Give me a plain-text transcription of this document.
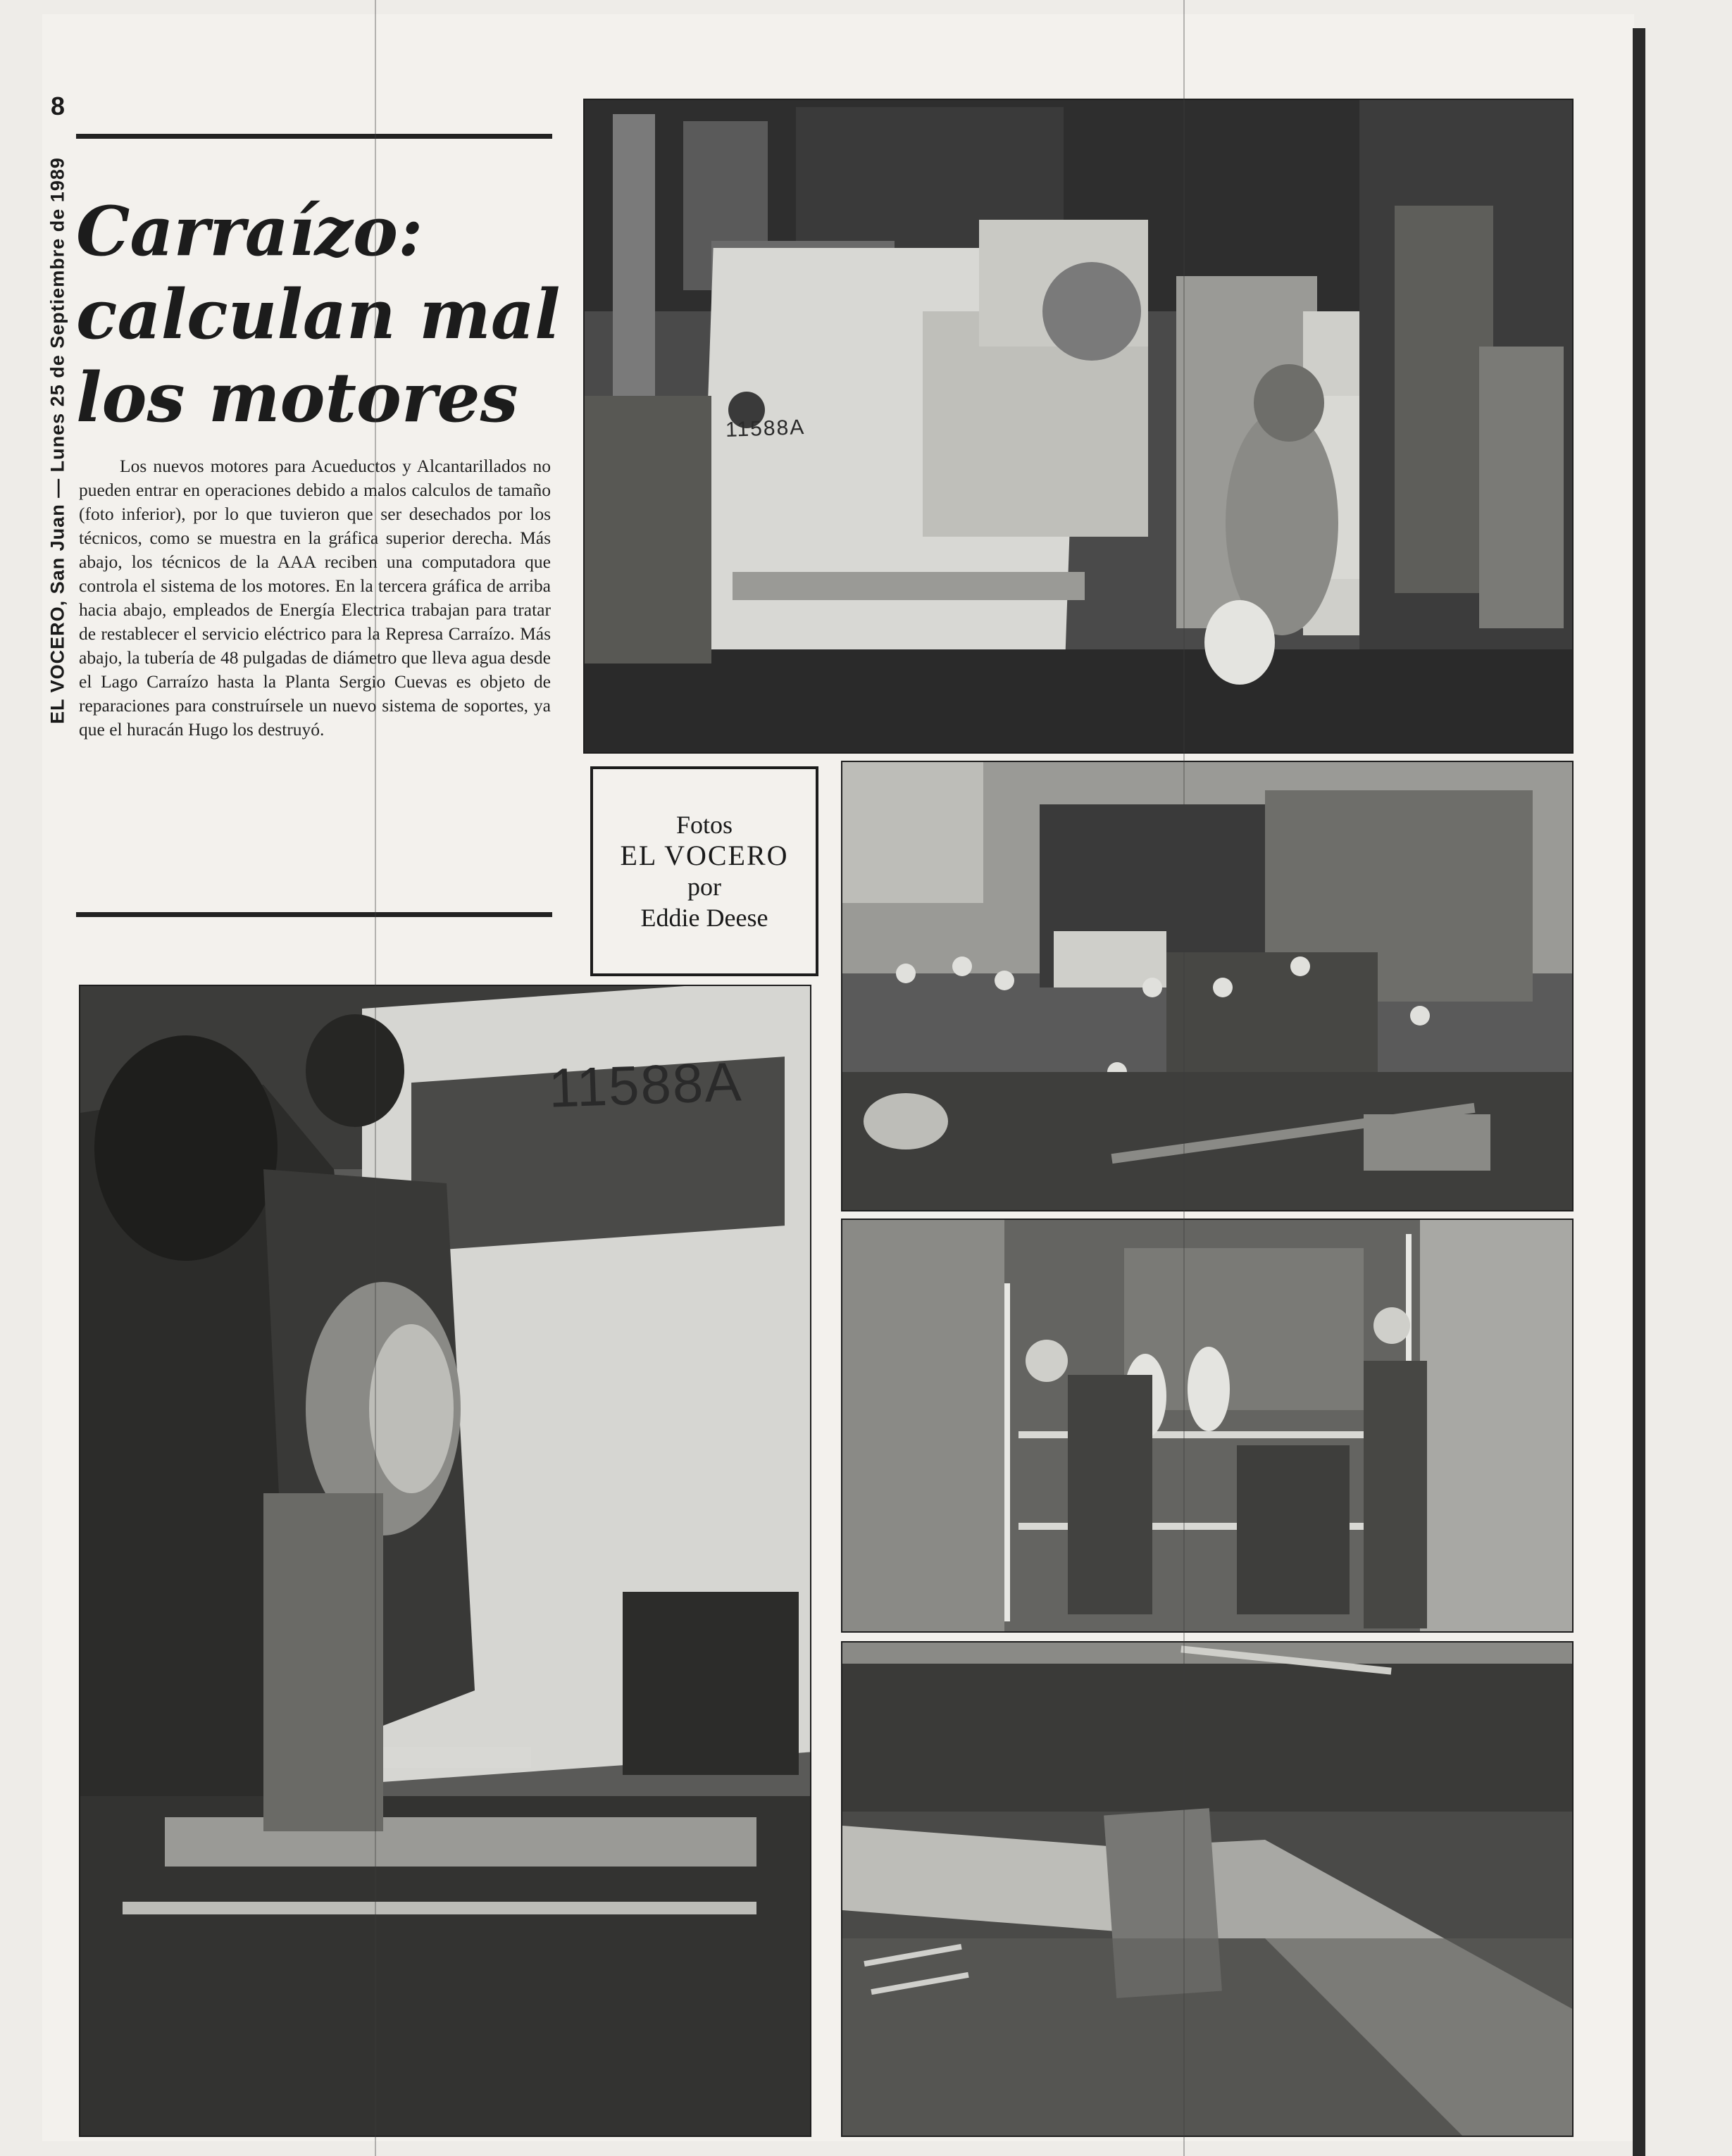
8
EL VOCERO, San Juan — Lunes 25 de Septiembre de 1989 Carraízo:
calculan mal
los motores
Los nuevos motores para Acueductos y Alcantarillados no pueden entrar en operaciones debido a malos calculos de tamaño (foto inferior), por lo que tuvieron que ser desechados por los técnicos, como se muestra en la gráfica superior derecha. Más abajo, los técnicos de la AAA reciben una computadora que controla el sistema de los motores. En la tercera gráfica de arriba hacia abajo, empleados de Energía Electrica trabajan para tratar de restablecer el servicio eléctrico para la Represa Carraízo. Más abajo, la tubería de 48 pulgadas de diámetro que lleva agua desde el Lago Carraízo hasta la Planta Sergio Cuevas es objeto de reparaciones para construírsele un nuevo sistema de soportes, ya que el huracán Hugo los destruyó.
11588A
Fotos
EL VOCERO
por
Eddie Deese
11588A
